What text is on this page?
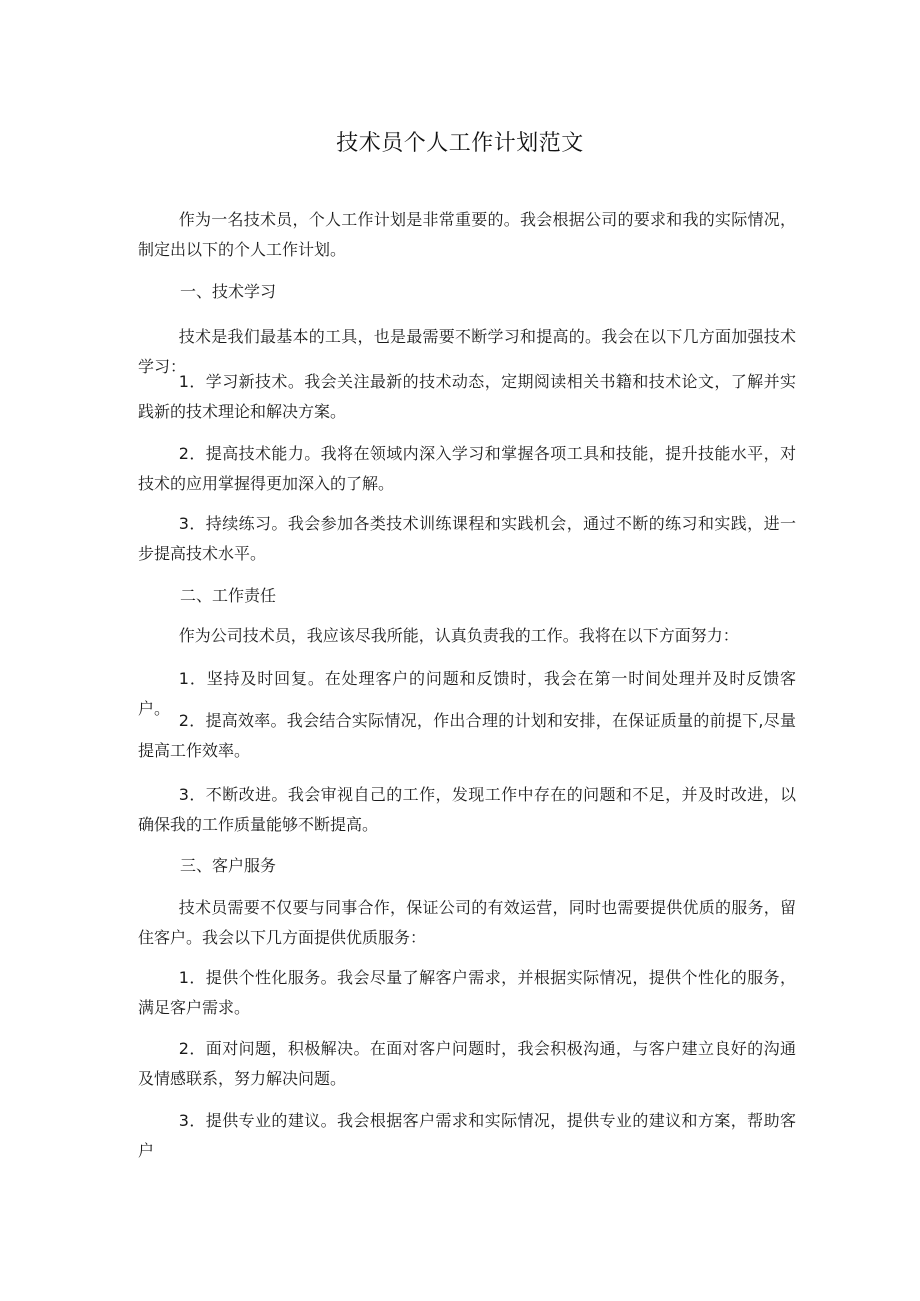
技术员个人工作计划范文

作为一名技术员，个人工作计划是非常重要的。我会根据公司的要求和我的实际情况，制定出以下的个人工作计划。

一、技术学习

技术是我们最基本的工具，也是最需要不断学习和提高的。我会在以下几方面加强技术学习：

1．学习新技术。我会关注最新的技术动态，定期阅读相关书籍和技术论文，了解并实践新的技术理论和解决方案。

2．提高技术能力。我将在领域内深入学习和掌握各项工具和技能，提升技能水平，对技术的应用掌握得更加深入的了解。

3．持续练习。我会参加各类技术训练课程和实践机会，通过不断的练习和实践，进一步提高技术水平。

二、工作责任

作为公司技术员，我应该尽我所能，认真负责我的工作。我将在以下方面努力：

1．坚持及时回复。在处理客户的问题和反馈时，我会在第一时间处理并及时反馈客户。

2．提高效率。我会结合实际情况，作出合理的计划和安排，在保证质量的前提下,尽量提高工作效率。

3．不断改进。我会审视自己的工作，发现工作中存在的问题和不足，并及时改进，以确保我的工作质量能够不断提高。

三、客户服务

技术员需要不仅要与同事合作，保证公司的有效运营，同时也需要提供优质的服务，留住客户。我会以下几方面提供优质服务：

1．提供个性化服务。我会尽量了解客户需求，并根据实际情况，提供个性化的服务，满足客户需求。

2．面对问题，积极解决。在面对客户问题时，我会积极沟通，与客户建立良好的沟通及情感联系，努力解决问题。

3．提供专业的建议。我会根据客户需求和实际情况，提供专业的建议和方案，帮助客户
